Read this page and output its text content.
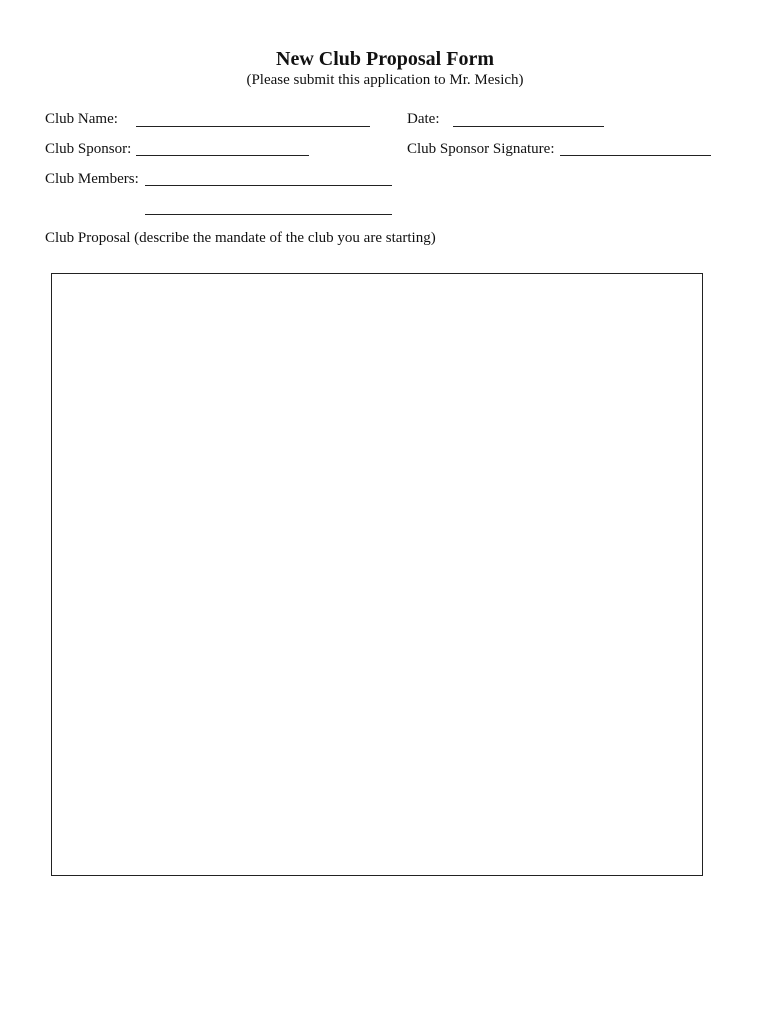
New Club Proposal Form
(Please submit this application to Mr. Mesich)
Club Name:	Date:
Club Sponsor:	Club Sponsor Signature:
Club Members:
Club Proposal (describe the mandate of the club you are starting)
